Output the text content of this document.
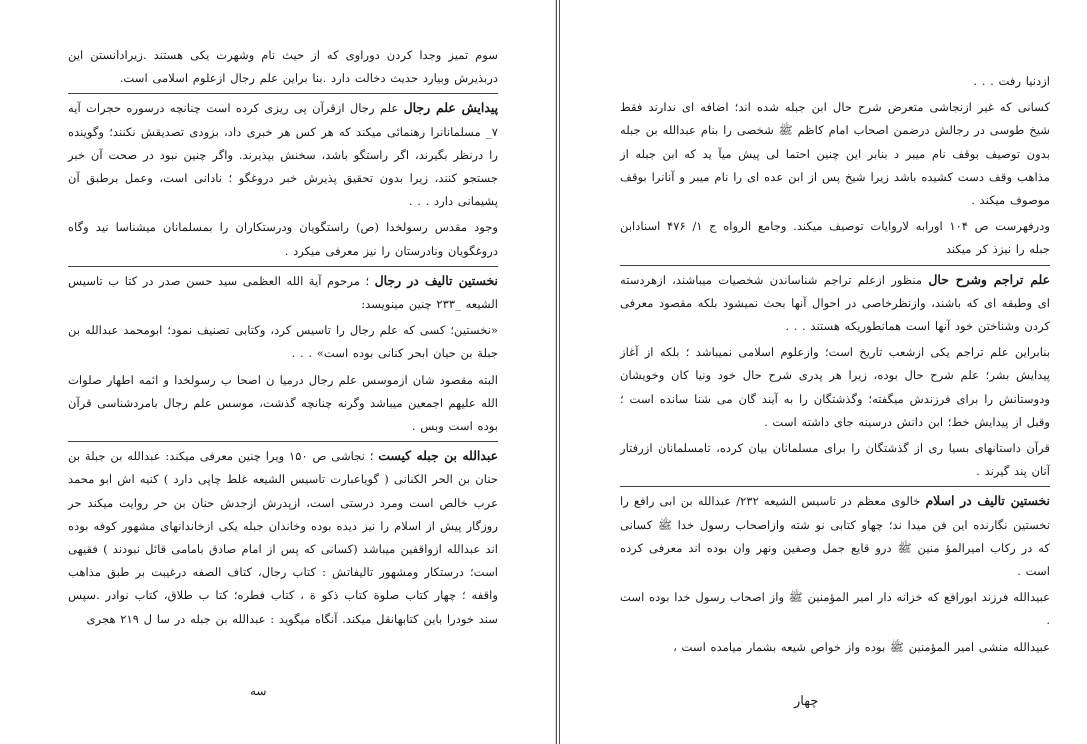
سوم تمیز وجدا کردن دوراوی که از حیث نام وشهرت یکی هستند .زیرادانستن این دربذیرش وبیارد حدیث دخالت دارد .بنا براین علم رجال ازعلوم اسلامی است.

پیدایش علم رجال علم رجال ازقرآن پی ریزی کرده است چنانچه درسوره حجرات آیه ۷_ مسلمانانرا رهنمائی میکند که هر کس هر خبری داد، بزودی تصدیقش نکنند؛ وگوینده را درنظر بگیرند، اگر راستگو باشد، سخنش بپذیرند. واگر چنین نبود در صحت آن خبر جستجو کنند، زیرا بدون تحقیق پذیرش خبر دروغگو ؛ نادانی است، وعمل برطبق آن پشیمانی دارد . . .

وجود مقدس رسولخدا (ص) راستگویان ودرستکاران را بمسلمانان میشناسا نید وگاه دروغگویان ونادرستان را نیز معرفی میکرد .

نخستین تالیف در رجال ؛ مرحوم آیة الله العظمی سید حسن صدر در کتا ب تاسیس الشیعه _۲۳۳ چنین مینویسد:

«نخستین؛ کسی که علم رجال را تاسیس کرد، وکتابی تصنیف نمود؛ ابومحمد عبدالله بن جبلة بن حیان ابحر کنانی بوده است» . . .

البته مقصود شان ازموسس علم رجال درمیا ن اصحا ب رسولخدا و ائمه اطهار صلوات الله علیهم اجمعین میباشد وگرنه چنانچه گذشت، موسس علم رجال بامردشناسی قرآن بوده است وبس .

عبدالله بن جبله کیست ؛ نجاشی ص ۱۵۰ ویرا چنین معرفی میکند: عبدالله بن جبلة بن حنان بن الحر الکنانی ( گویاعبارت تاسیس الشیعه غلط چاپی دارد ) کنیه اش ابو محمد عرب خالص است ومرد درستی است، ازپدرش ازجدش حنان بن حر روایت میکند حر روزگار پیش از اسلام را نیز دیده بوده وخاندان جبله یکی ازخاندانهای مشهور کوفه بوده اند عبدالله ازواقفین میباشد (کسانی که پس از امام صادق بامامی قائل نبودند ) فقیهی است؛ درستکار ومشهور تالیفاتش : کتاب رجال، کتاف الصفه درغیبت بر طبق مذاهب واقفه ؛ چهار کتاب صلوة کتاب ذکو ة ، کتاب فطره؛ کتا ب طلاق، کتاب نوادر .سپس سند خودرا باین کتابهانقل میکند. آنگاه میگوید : عبدالله بن جبله در سا ل ۲۱۹ هجری

سه

ازدنیا رفت . . .

کسانی که غیر ازنجاشی متعرض شرح حال ابن جبله شده اند؛ اضافه ای ندارند فقط شیخ طوسی در رجالش درضمن اصحاب امام کاظم ﷺ شخصی را بنام عبدالله بن جبله بدون توصیف بوقف نام میبر د بنابر این چنین احتما لی پیش میآ ید که ابن جبله از مذاهب وقف دست کشیده باشد زیرا شیخ پس از ابن عده ای را نام میبر و آنانرا بوقف موصوف میکند .

ودرفهرست ص ۱۰۴ اورابه لاروایات توصیف میکند. وجامع الرواه ج ۱/ ۴۷۶ اسنادابن جبله را نیزذ کر میکند

علم تراجم وشرح حال منظور ازعلم تراجم شناساندن شخصیات میباشند، ازهردسته ای وطبقه ای که باشند، وازنظرخاصی در احوال آنها بحث نمیشود بلکه مقصود معرفی کردن وشناختن خود آنها است همانطوریکه هستند . . .

بنابراین علم تراجم یکی ازشعب تاریخ است؛ وازعلوم اسلامی نمیباشد ؛ بلکه از آغاز پیدایش بشر؛ علم شرح حال بوده، زیرا هر پدری شرح حال خود ونیا کان وخویشان ودوستانش را برای فرزندش میگفته؛ وگذشتگان را به آیند گان می شنا سانده است ؛ وقبل از پیدایش خط؛ ابن دانش درسینه جای داشته است .

قرآن داستانهای بسیا ری از گذشتگان را برای مسلمانان بیان کرده، تامسلمانان ازرفتار آنان پند گیرند .

نخستین تالیف در اسلام خالوی معظم در تاسیس الشیعه ۲۳۲/ عبدالله بن ابی رافع را نخستین نگارنده این فن میدا ند؛ چهاو کتابی نو شته وازاصحاب رسول خدا ﷺ کسانی که در رکاب امیرالمؤ منین ﷺ درو قایع جمل وصفین ونهر وان بوده اند معرفی کرده است .

عبیدالله فرزند ابورافع که خزانه دار امیر المؤمنین ﷺ واز اصحاب رسول خدا بوده است .

عبیدالله منشی امیر المؤمنین ﷺ بوده واز خواص شیعه بشمار میامده است ،

چهار
